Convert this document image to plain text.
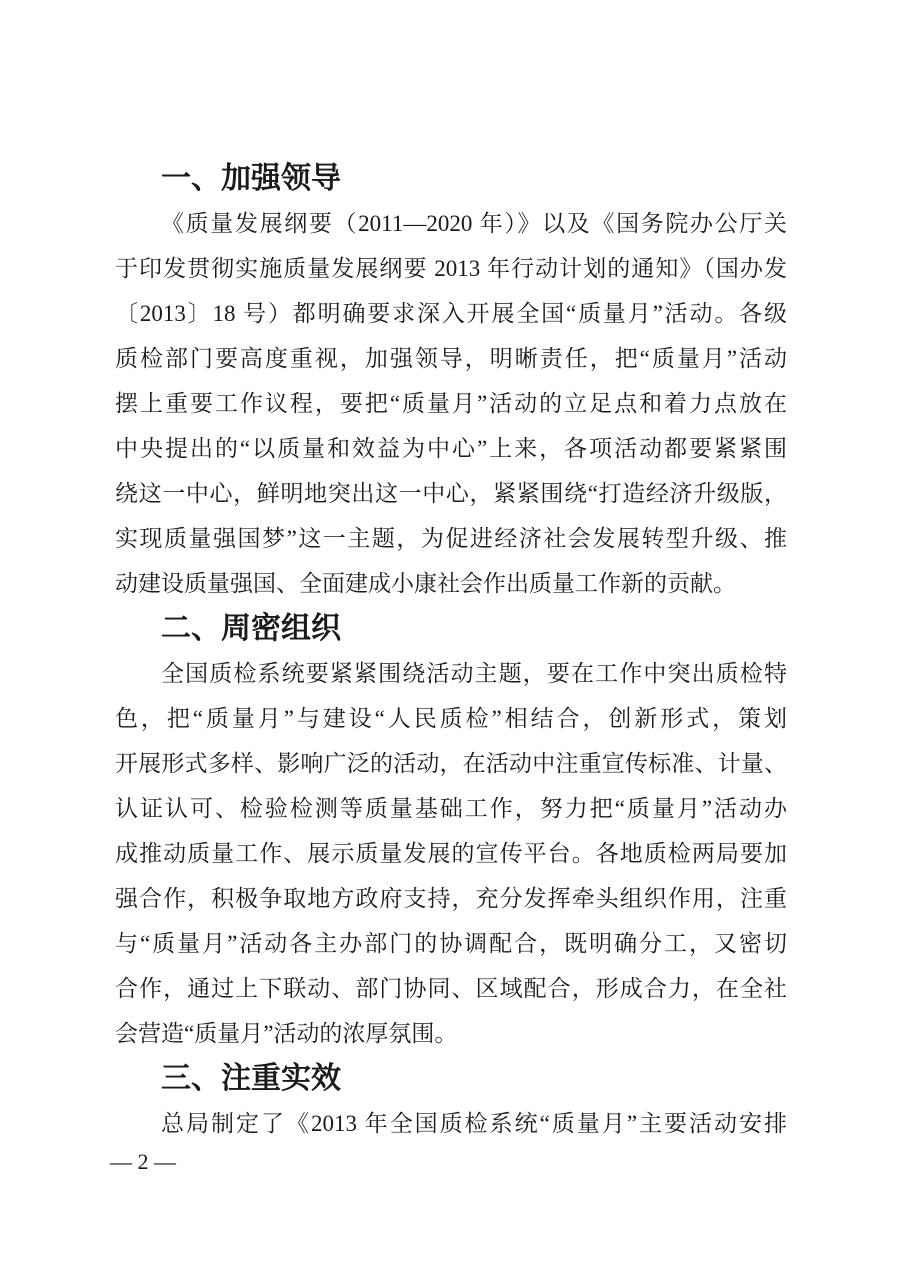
一、加强领导
《质量发展纲要（2011—2020 年）》以及《国务院办公厅关
于印发贯彻实施质量发展纲要 2013 年行动计划的通知》（国办发
〔2013〕18 号）都明确要求深入开展全国“质量月”活动。各级
质检部门要高度重视，加强领导，明晰责任，把“质量月”活动
摆上重要工作议程，要把“质量月”活动的立足点和着力点放在
中央提出的“以质量和效益为中心”上来，各项活动都要紧紧围
绕这一中心，鲜明地突出这一中心，紧紧围绕“打造经济升级版，
实现质量强国梦”这一主题，为促进经济社会发展转型升级、推
动建设质量强国、全面建成小康社会作出质量工作新的贡献。
二、周密组织
全国质检系统要紧紧围绕活动主题，要在工作中突出质检特
色，把“质量月”与建设“人民质检”相结合，创新形式，策划
开展形式多样、影响广泛的活动，在活动中注重宣传标准、计量、
认证认可、检验检测等质量基础工作，努力把“质量月”活动办
成推动质量工作、展示质量发展的宣传平台。各地质检两局要加
强合作，积极争取地方政府支持，充分发挥牵头组织作用，注重
与“质量月”活动各主办部门的协调配合，既明确分工，又密切
合作，通过上下联动、部门协同、区域配合，形成合力，在全社
会营造“质量月”活动的浓厚氛围。
三、注重实效
总局制定了《2013 年全国质检系统“质量月”主要活动安排
— 2 —
